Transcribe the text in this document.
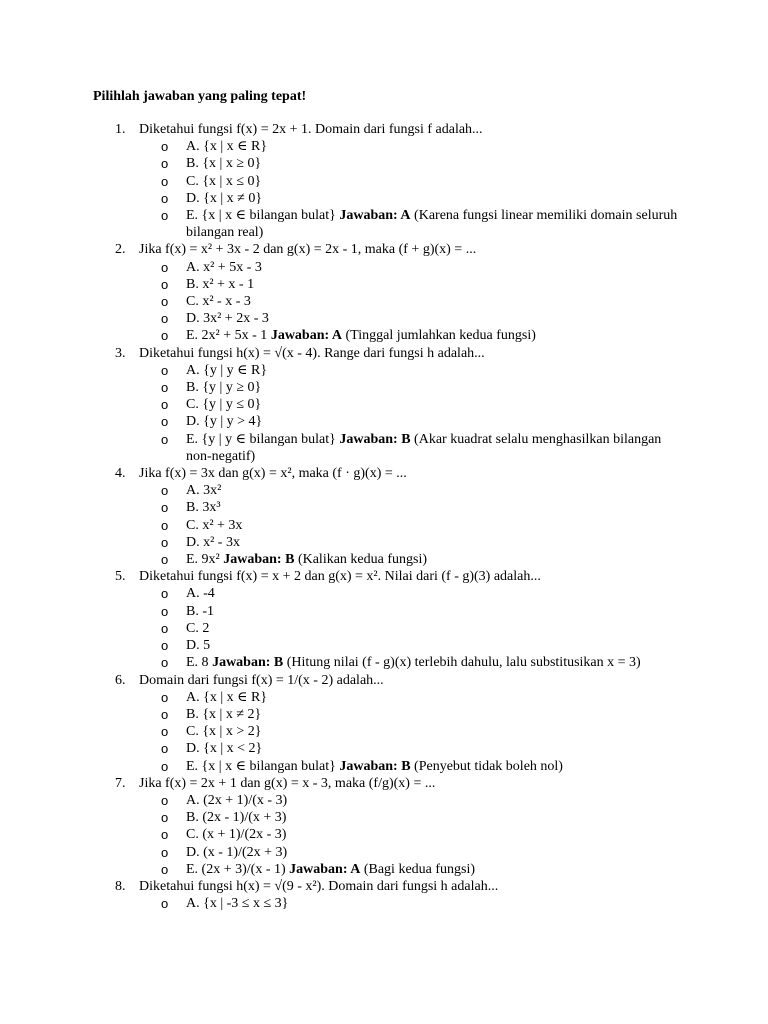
Pilihlah jawaban yang paling tepat!

1. Diketahui fungsi f(x) = 2x + 1. Domain dari fungsi f adalah...
o A. {x | x ∈ R}
o B. {x | x ≥ 0}
o C. {x | x ≤ 0}
o D. {x | x ≠ 0}
o E. {x | x ∈ bilangan bulat} Jawaban: A (Karena fungsi linear memiliki domain seluruh bilangan real)
2. Jika f(x) = x² + 3x - 2 dan g(x) = 2x - 1, maka (f + g)(x) = ...
o A. x² + 5x - 3
o B. x² + x - 1
o C. x² - x - 3
o D. 3x² + 2x - 3
o E. 2x² + 5x - 1 Jawaban: A (Tinggal jumlahkan kedua fungsi)
3. Diketahui fungsi h(x) = √(x - 4). Range dari fungsi h adalah...
o A. {y | y ∈ R}
o B. {y | y ≥ 0}
o C. {y | y ≤ 0}
o D. {y | y > 4}
o E. {y | y ∈ bilangan bulat} Jawaban: B (Akar kuadrat selalu menghasilkan bilangan non-negatif)
4. Jika f(x) = 3x dan g(x) = x², maka (f · g)(x) = ...
o A. 3x²
o B. 3x³
o C. x² + 3x
o D. x² - 3x
o E. 9x² Jawaban: B (Kalikan kedua fungsi)
5. Diketahui fungsi f(x) = x + 2 dan g(x) = x². Nilai dari (f - g)(3) adalah...
o A. -4
o B. -1
o C. 2
o D. 5
o E. 8 Jawaban: B (Hitung nilai (f - g)(x) terlebih dahulu, lalu substitusikan x = 3)
6. Domain dari fungsi f(x) = 1/(x - 2) adalah...
o A. {x | x ∈ R}
o B. {x | x ≠ 2}
o C. {x | x > 2}
o D. {x | x < 2}
o E. {x | x ∈ bilangan bulat} Jawaban: B (Penyebut tidak boleh nol)
7. Jika f(x) = 2x + 1 dan g(x) = x - 3, maka (f/g)(x) = ...
o A. (2x + 1)/(x - 3)
o B. (2x - 1)/(x + 3)
o C. (x + 1)/(2x - 3)
o D. (x - 1)/(2x + 3)
o E. (2x + 3)/(x - 1) Jawaban: A (Bagi kedua fungsi)
8. Diketahui fungsi h(x) = √(9 - x²). Domain dari fungsi h adalah...
o A. {x | -3 ≤ x ≤ 3}
